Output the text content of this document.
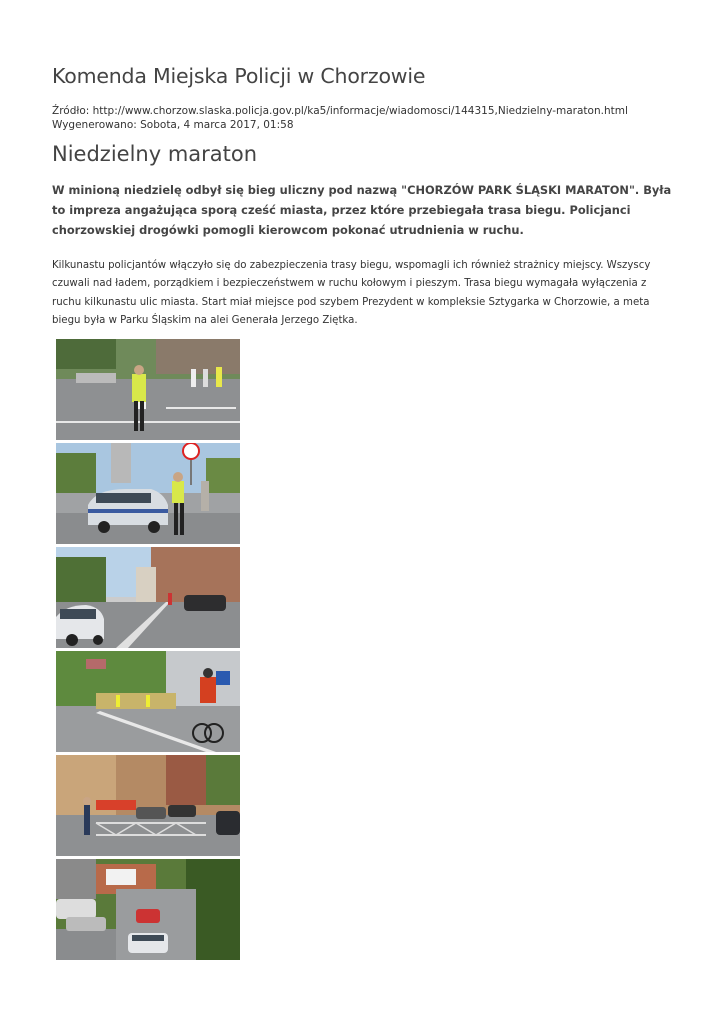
Komenda Miejska Policji w Chorzowie
Źródło: http://www.chorzow.slaska.policja.gov.pl/ka5/informacje/wiadomosci/144315,Niedzielny-maraton.html
Wygenerowano: Sobota, 4 marca 2017, 01:58
Niedzielny maraton

W minioną niedzielę odbył się bieg uliczny pod nazwą "CHORZÓW PARK ŚLĄSKI MARATON". Była to impreza angażująca sporą cześć miasta, przez które przebiegała trasa biegu. Policjanci chorzowskiej drogówki pomogli kierowcom pokonać utrudnienia w ruchu.

Kilkunastu policjantów włączyło się do zabezpieczenia trasy biegu, wspomagli ich również strażnicy miejscy. Wszyscy czuwali nad ładem, porządkiem i bezpieczeństwem w ruchu kołowym i pieszym. Trasa biegu wymagała wyłączenia z ruchu kilkunastu ulic miasta. Start miał miejsce pod szybem Prezydent w kompleksie Sztygarka w Chorzowie, a meta biegu była w Parku Śląskim na alei Generała Jerzego Ziętka.
